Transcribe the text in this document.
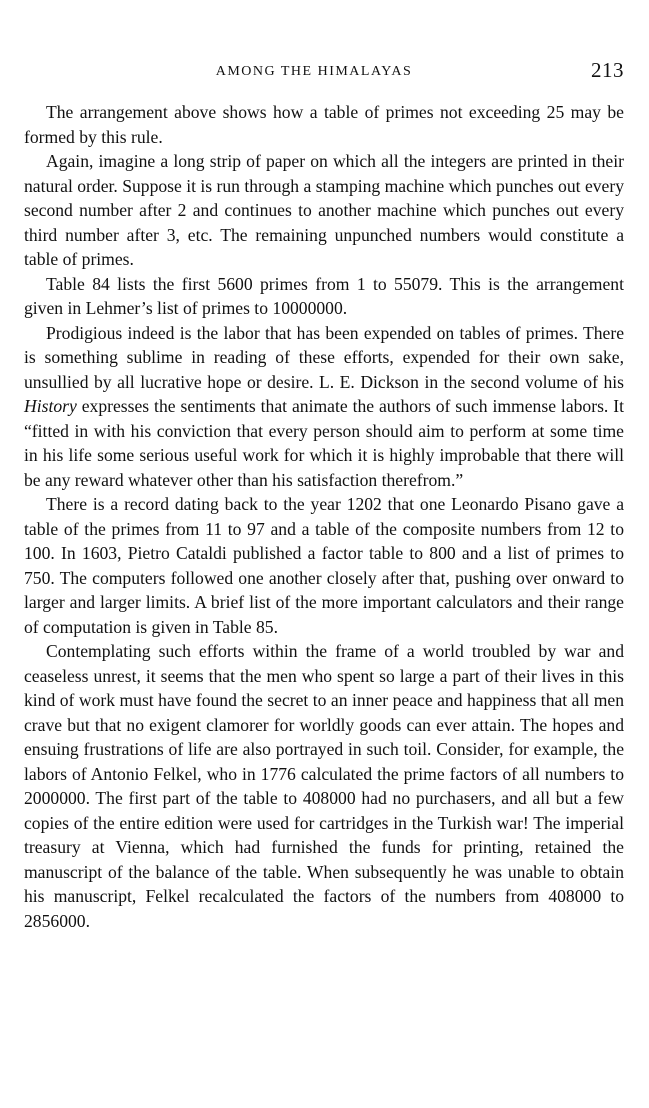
AMONG THE HIMALAYAS	213

The arrangement above shows how a table of primes not exceeding 25 may be formed by this rule.

Again, imagine a long strip of paper on which all the integers are printed in their natural order. Suppose it is run through a stamping machine which punches out every second number after 2 and continues to another machine which punches out every third number after 3, etc. The remaining unpunched numbers would constitute a table of primes.

Table 84 lists the first 5600 primes from 1 to 55079. This is the arrangement given in Lehmer’s list of primes to 10000000.

Prodigious indeed is the labor that has been expended on tables of primes. There is something sublime in reading of these efforts, expended for their own sake, unsullied by all lucrative hope or desire. L. E. Dickson in the second volume of his History expresses the sentiments that animate the authors of such immense labors. It “fitted in with his conviction that every person should aim to perform at some time in his life some serious useful work for which it is highly improbable that there will be any reward whatever other than his satisfaction therefrom.”

There is a record dating back to the year 1202 that one Leonardo Pisano gave a table of the primes from 11 to 97 and a table of the composite numbers from 12 to 100. In 1603, Pietro Cataldi published a factor table to 800 and a list of primes to 750. The computers followed one another closely after that, pushing over onward to larger and larger limits. A brief list of the more important calculators and their range of computation is given in Table 85.

Contemplating such efforts within the frame of a world troubled by war and ceaseless unrest, it seems that the men who spent so large a part of their lives in this kind of work must have found the secret to an inner peace and happiness that all men crave but that no exigent clamorer for worldly goods can ever attain. The hopes and ensuing frustrations of life are also portrayed in such toil. Consider, for example, the labors of Antonio Felkel, who in 1776 calculated the prime factors of all numbers to 2000000. The first part of the table to 408000 had no purchasers, and all but a few copies of the entire edition were used for cartridges in the Turkish war! The imperial treasury at Vienna, which had furnished the funds for printing, retained the manuscript of the balance of the table. When subsequently he was unable to obtain his manuscript, Felkel recalculated the factors of the numbers from 408000 to 2856000.
